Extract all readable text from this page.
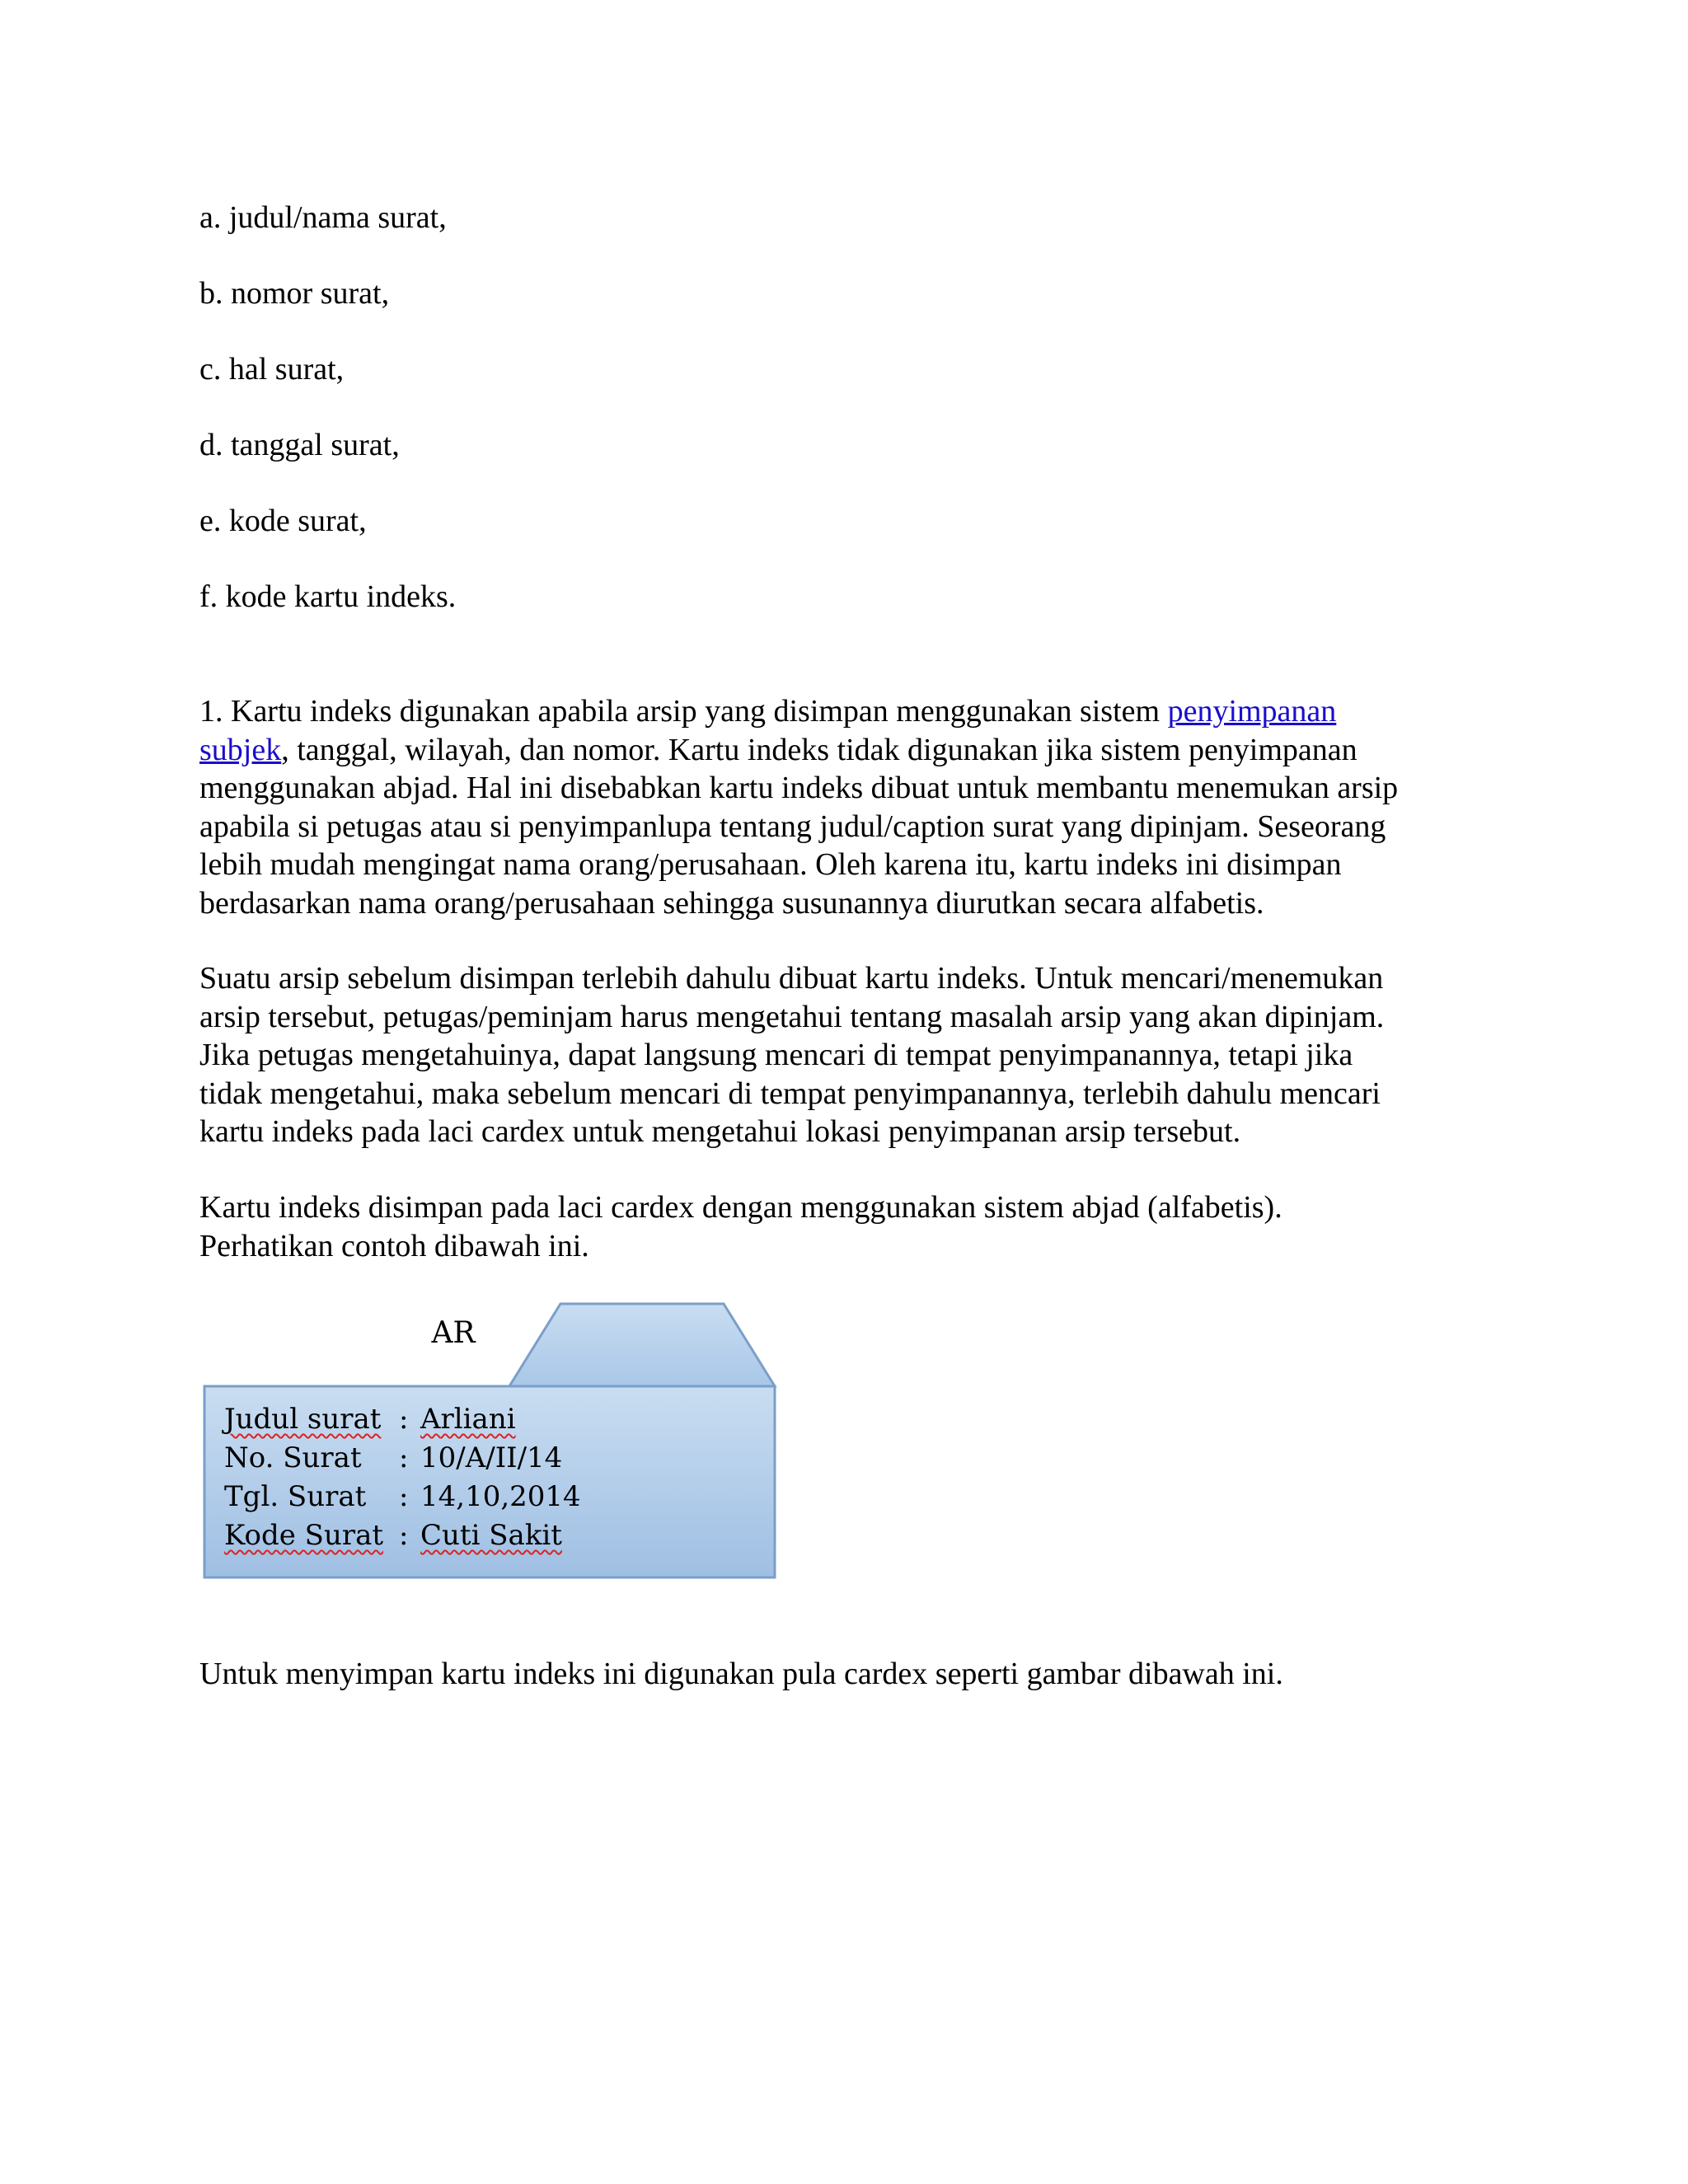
a. judul/nama surat,
b. nomor surat,
c. hal surat,
d. tanggal surat,
e. kode surat,
f. kode kartu indeks.
1. Kartu indeks digunakan apabila arsip yang disimpan menggunakan sistem penyimpanan
subjek, tanggal, wilayah, dan nomor. Kartu indeks tidak digunakan jika sistem penyimpanan
menggunakan abjad. Hal ini disebabkan kartu indeks dibuat untuk membantu menemukan arsip
apabila si petugas atau si penyimpanlupa tentang judul/caption surat yang dipinjam. Seseorang
lebih mudah mengingat nama orang/perusahaan. Oleh karena itu, kartu indeks ini disimpan
berdasarkan nama orang/perusahaan sehingga susunannya diurutkan secara alfabetis.
Suatu arsip sebelum disimpan terlebih dahulu dibuat kartu indeks. Untuk mencari/menemukan
arsip tersebut, petugas/peminjam harus mengetahui tentang masalah arsip yang akan dipinjam.
Jika petugas mengetahuinya, dapat langsung mencari di tempat penyimpanannya, tetapi jika
tidak mengetahui, maka sebelum mencari di tempat penyimpanannya, terlebih dahulu mencari
kartu indeks pada laci cardex untuk mengetahui lokasi penyimpanan arsip tersebut.
Kartu indeks disimpan pada laci cardex dengan menggunakan sistem abjad (alfabetis).
Perhatikan contoh dibawah ini.
AR
Judul surat : Arliani
No. Surat : 10/A/II/14
Tgl. Surat : 14,10,2014
Kode Surat : Cuti Sakit
Untuk menyimpan kartu indeks ini digunakan pula cardex seperti gambar dibawah ini.
